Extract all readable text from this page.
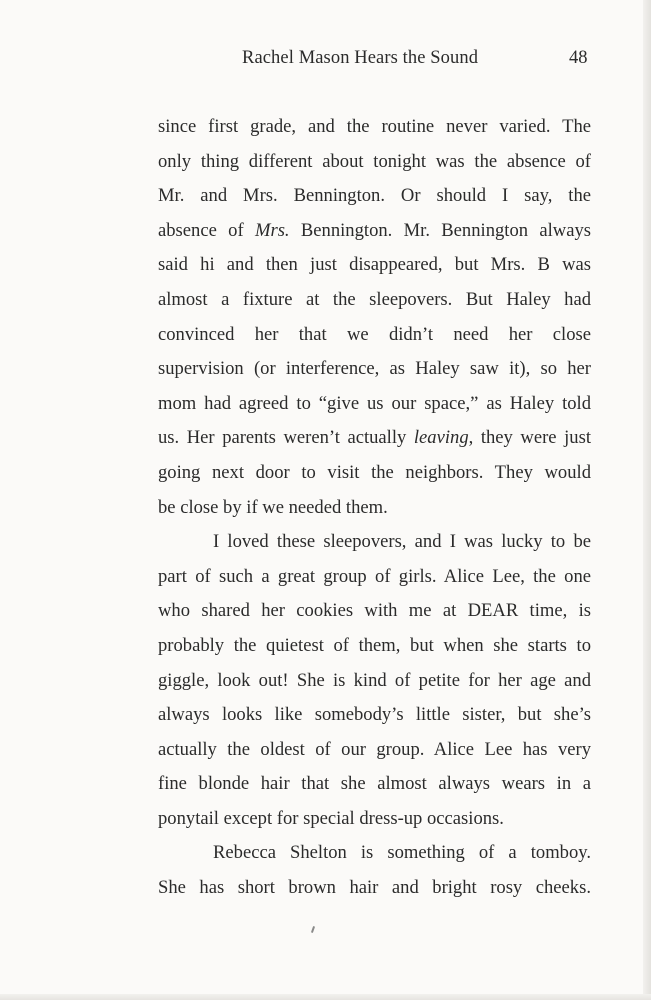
Rachel Mason Hears the Sound	48
since first grade, and the routine never varied. The
only thing different about tonight was the absence of
Mr. and Mrs. Bennington. Or should I say, the
absence of Mrs. Bennington. Mr. Bennington always
said hi and then just disappeared, but Mrs. B was
almost a fixture at the sleepovers. But Haley had
convinced her that we didn’t need her close
supervision (or interference, as Haley saw it), so her
mom had agreed to “give us our space,” as Haley told
us. Her parents weren’t actually leaving, they were just
going next door to visit the neighbors. They would
be close by if we needed them.
I loved these sleepovers, and I was lucky to be
part of such a great group of girls. Alice Lee, the one
who shared her cookies with me at DEAR time, is
probably the quietest of them, but when she starts to
giggle, look out! She is kind of petite for her age and
always looks like somebody’s little sister, but she’s
actually the oldest of our group. Alice Lee has very
fine blonde hair that she almost always wears in a
ponytail except for special dress-up occasions.
Rebecca Shelton is something of a tomboy.
She has short brown hair and bright rosy cheeks.
